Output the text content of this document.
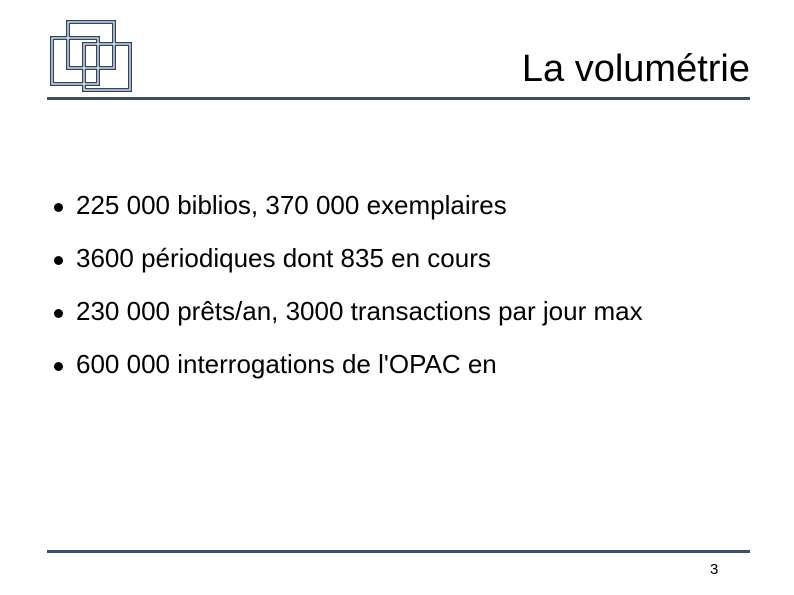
La volumétrie
225 000 biblios, 370 000 exemplaires
3600 périodiques dont 835 en cours
230 000 prêts/an, 3000 transactions par jour max
600 000 interrogations de l'OPAC en
3
